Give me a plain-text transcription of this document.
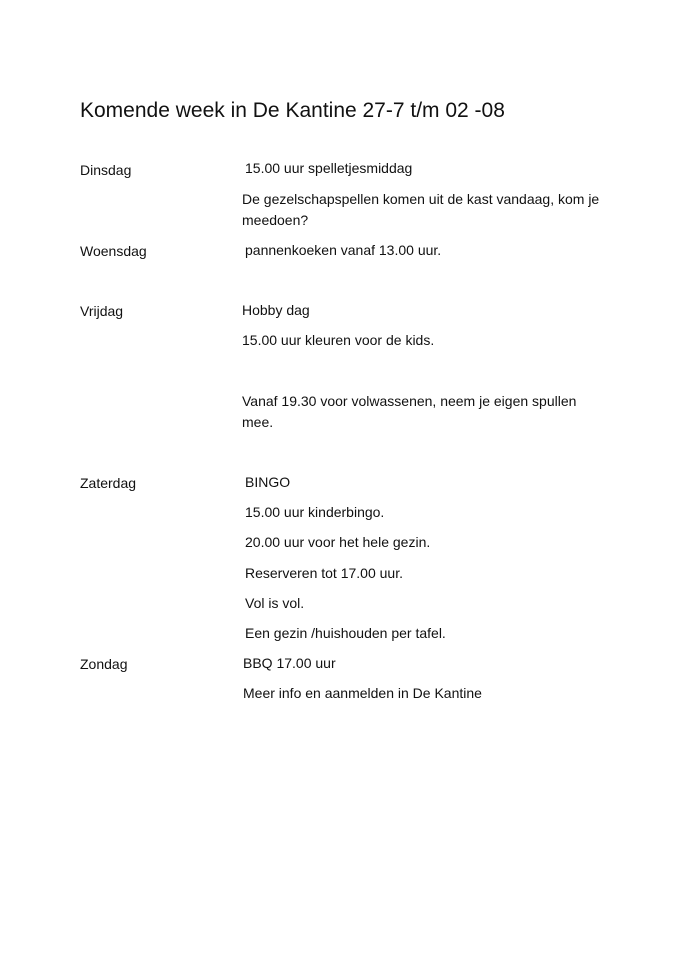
Komende week in De Kantine 27-7 t/m 02 -08
Dinsdag	15.00 uur spelletjesmiddag
De gezelschapspellen komen uit de kast vandaag, kom je meedoen?
Woensdag	pannenkoeken vanaf 13.00 uur.
Vrijdag	Hobby dag
15.00 uur kleuren voor de kids.
Vanaf 19.30 voor volwassenen, neem je eigen spullen mee.
Zaterdag	BINGO
15.00 uur kinderbingo.
20.00 uur voor het hele gezin.
Reserveren tot 17.00 uur.
Vol is vol.
Een gezin /huishouden per tafel.
Zondag	BBQ 17.00 uur
Meer info en aanmelden in De Kantine
